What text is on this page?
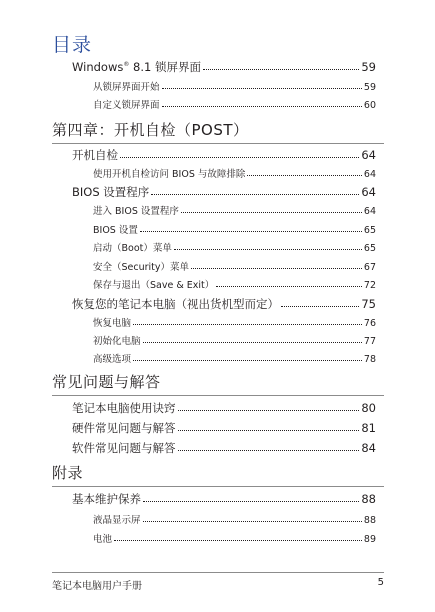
目录
Windows® 8.1 锁屏界面	59
从锁屏界面开始	59
自定义锁屏界面	60
第四章：开机自检（POST）
开机自检	64
使用开机自检访问 BIOS 与故障排除	64
BIOS 设置程序	64
进入 BIOS 设置程序	64
BIOS 设置	65
启动（Boot）菜单	65
安全（Security）菜单	67
保存与退出（Save & Exit）	72
恢复您的笔记本电脑（视出货机型而定）	75
恢复电脑	76
初始化电脑	77
高级选项	78
常见问题与解答
笔记本电脑使用诀窍	80
硬件常见问题与解答	81
软件常见问题与解答	84
附录
基本维护保养	88
液晶显示屏	88
电池	89
笔记本电脑用户手册	5
